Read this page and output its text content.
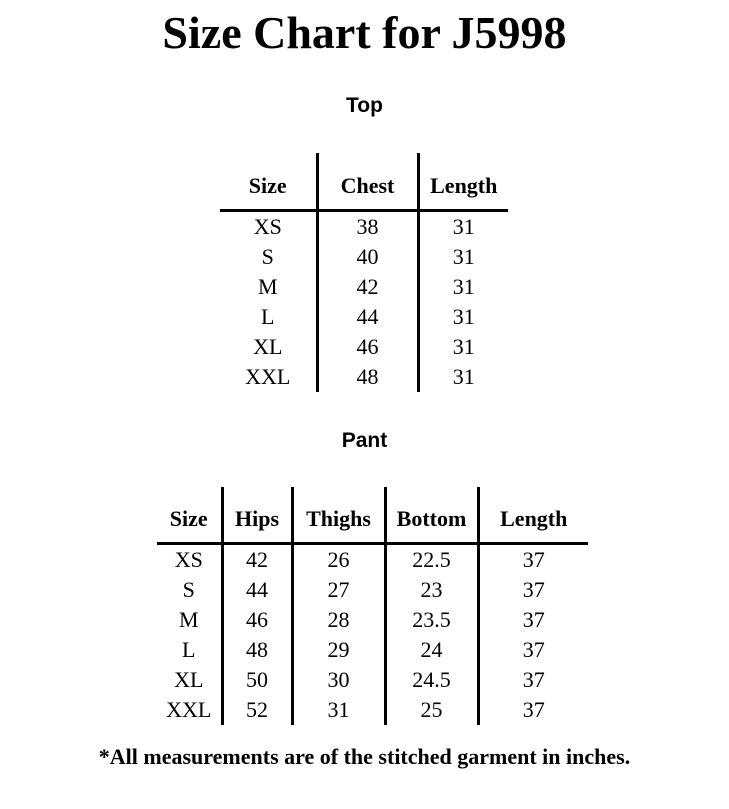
Size Chart for J5998
Top
Size	Chest	Length
XS	38	31
S	40	31
M	42	31
L	44	31
XL	46	31
XXL	48	31
Pant
Size	Hips	Thighs	Bottom	Length
XS	42	26	22.5	37
S	44	27	23	37
M	46	28	23.5	37
L	48	29	24	37
XL	50	30	24.5	37
XXL	52	31	25	37
*All measurements are of the stitched garment in inches.
